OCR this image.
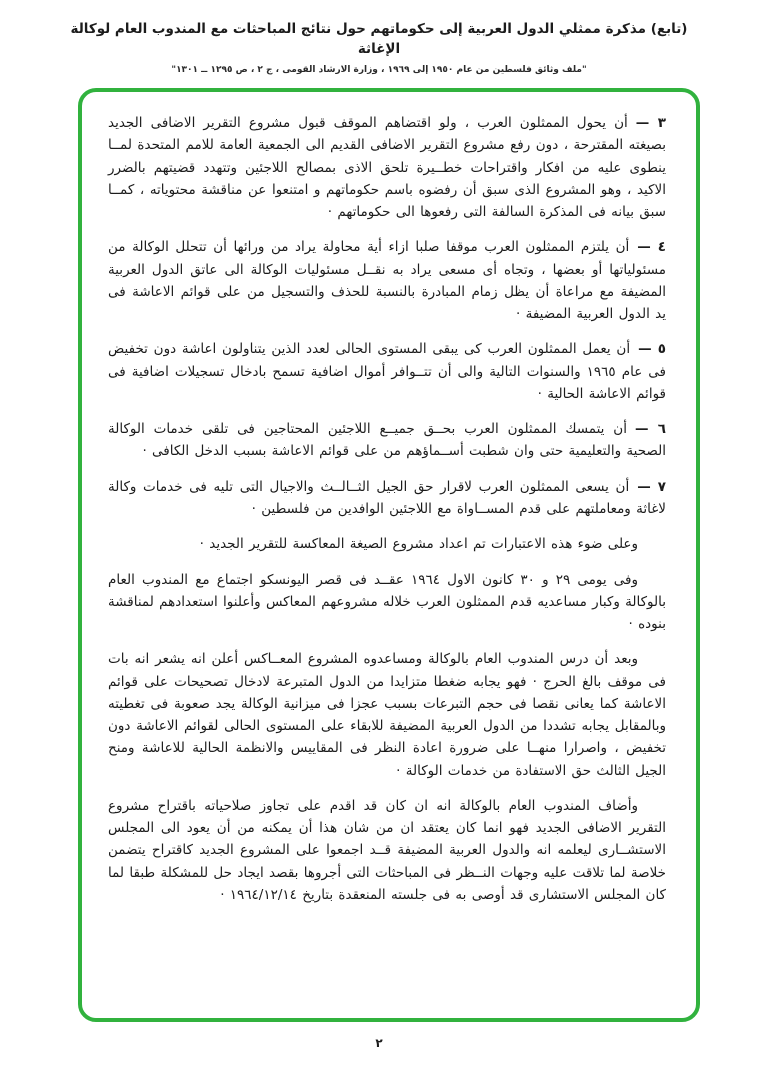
(تابع) مذكرة ممثلي الدول العربية إلى حكوماتهم حول نتائج المباحثات مع المندوب العام لوكالة الإغاثة
"ملف وثائق فلسطين من عام ١٩٥٠ إلى ١٩٦٩ ، وزارة الارشاد القومى ، ج ٢ ، ص ١٢٩٥ ــ ١٣٠١"
٣ —أن يحول الممثلون العرب ، ولو اقتضاهم الموقف قبول مشروع التقرير الاضافى الجديد بصيغته المقترحة ، دون رفع مشروع التقرير الاضافى القديم الى الجمعية العامة للامم المتحدة لمــا ينطوى عليه من افكار واقتراحات خطــيرة تلحق الاذى بمصالح اللاجئين وتتهدد قضيتهم بالضرر الاكيد ، وهو المشروع الذى سبق أن رفضوه باسم حكوماتهم و امتنعوا عن مناقشة محتوياته ، كمــا سبق بيانه فى المذكرة السالفة التى رفعوها الى حكوماتهم ·
٤ —أن يلتزم الممثلون العرب موقفا صلبا ازاء أية محاولة يراد من ورائها أن تتحلل الوكالة من مسئولياتها أو بعضها ، وتجاه أى مسعى يراد به نقــل مسئوليات الوكالة الى عاتق الدول العربية المضيفة مع مراعاة أن يظل زمام المبادرة بالنسبة للحذف والتسجيل من على قوائم الاعاشة فى يد الدول العربية المضيفة ·
٥ —أن يعمل الممثلون العرب كى يبقى المستوى الحالى لعدد الذين يتناولون اعاشة دون تخفيض فى عام ١٩٦٥ والسنوات التالية والى أن تتــوافر أموال اضافية تسمح بادخال تسجيلات اضافية فى قوائم الاعاشة الحالية ·
٦ —أن يتمسك الممثلون العرب بحــق جميــع اللاجئين المحتاجين فى تلقى خدمات الوكالة الصحية والتعليمية حتى وان شطبت أســماؤهم من على قوائم الاعاشة بسبب الدخل الكافى ·
٧ —أن يسعى الممثلون العرب لاقرار حق الجيل الثــالــث والاجيال التى تليه فى خدمات وكالة لاغاثة ومعاملتهم على قدم المســاواة مع اللاجئين الوافدين من فلسطين ·

وعلى ضوء هذه الاعتبارات تم اعداد مشروع الصيغة المعاكسة للتقرير الجديد ·

وفى يومى ٢٩ و ٣٠ كانون الاول ١٩٦٤ عقــد فى قصر اليونسكو اجتماع مع المندوب العام بالوكالة وكبار مساعديه قدم الممثلون العرب خلاله مشروعهم المعاكس وأعلنوا استعدادهم لمناقشة بنوده ·

وبعد أن درس المندوب العام بالوكالة ومساعدوه المشروع المعــاكس أعلن انه يشعر انه بات فى موقف بالغ الحرج · فهو يجابه ضغطا متزايدا من الدول المتبرعة لادخال تصحيحات على قوائم الاعاشة كما يعانى نقصا فى حجم التبرعات بسبب عجزا فى ميزانية الوكالة يجد صعوبة فى تغطيته وبالمقابل يجابه تشددا من الدول العربية المضيفة للابقاء على المستوى الحالى لقوائم الاعاشة دون تخفيض ، واصرارا منهــا على ضرورة اعادة النظر فى المقاييس والانظمة الحالية للاعاشة ومنح الجيل الثالث حق الاستفادة من خدمات الوكالة ·

وأضاف المندوب العام بالوكالة انه ان كان قد اقدم على تجاوز صلاحياته باقتراح مشروع التقرير الاضافى الجديد فهو انما كان يعتقد ان من شان هذا أن يمكنه من أن يعود الى المجلس الاستشــارى ليعلمه انه والدول العربية المضيفة قــد اجمعوا على المشروع الجديد كاقتراح يتضمن خلاصة لما تلاقت عليه وجهات النــظر فى المباحثات التى أجروها بقصد ايجاد حل للمشكلة طبقا لما كان المجلس الاستشارى قد أوصى به فى جلسته المنعقدة بتاريخ ١٩٦٤/١٢/١٤ ·

٢
